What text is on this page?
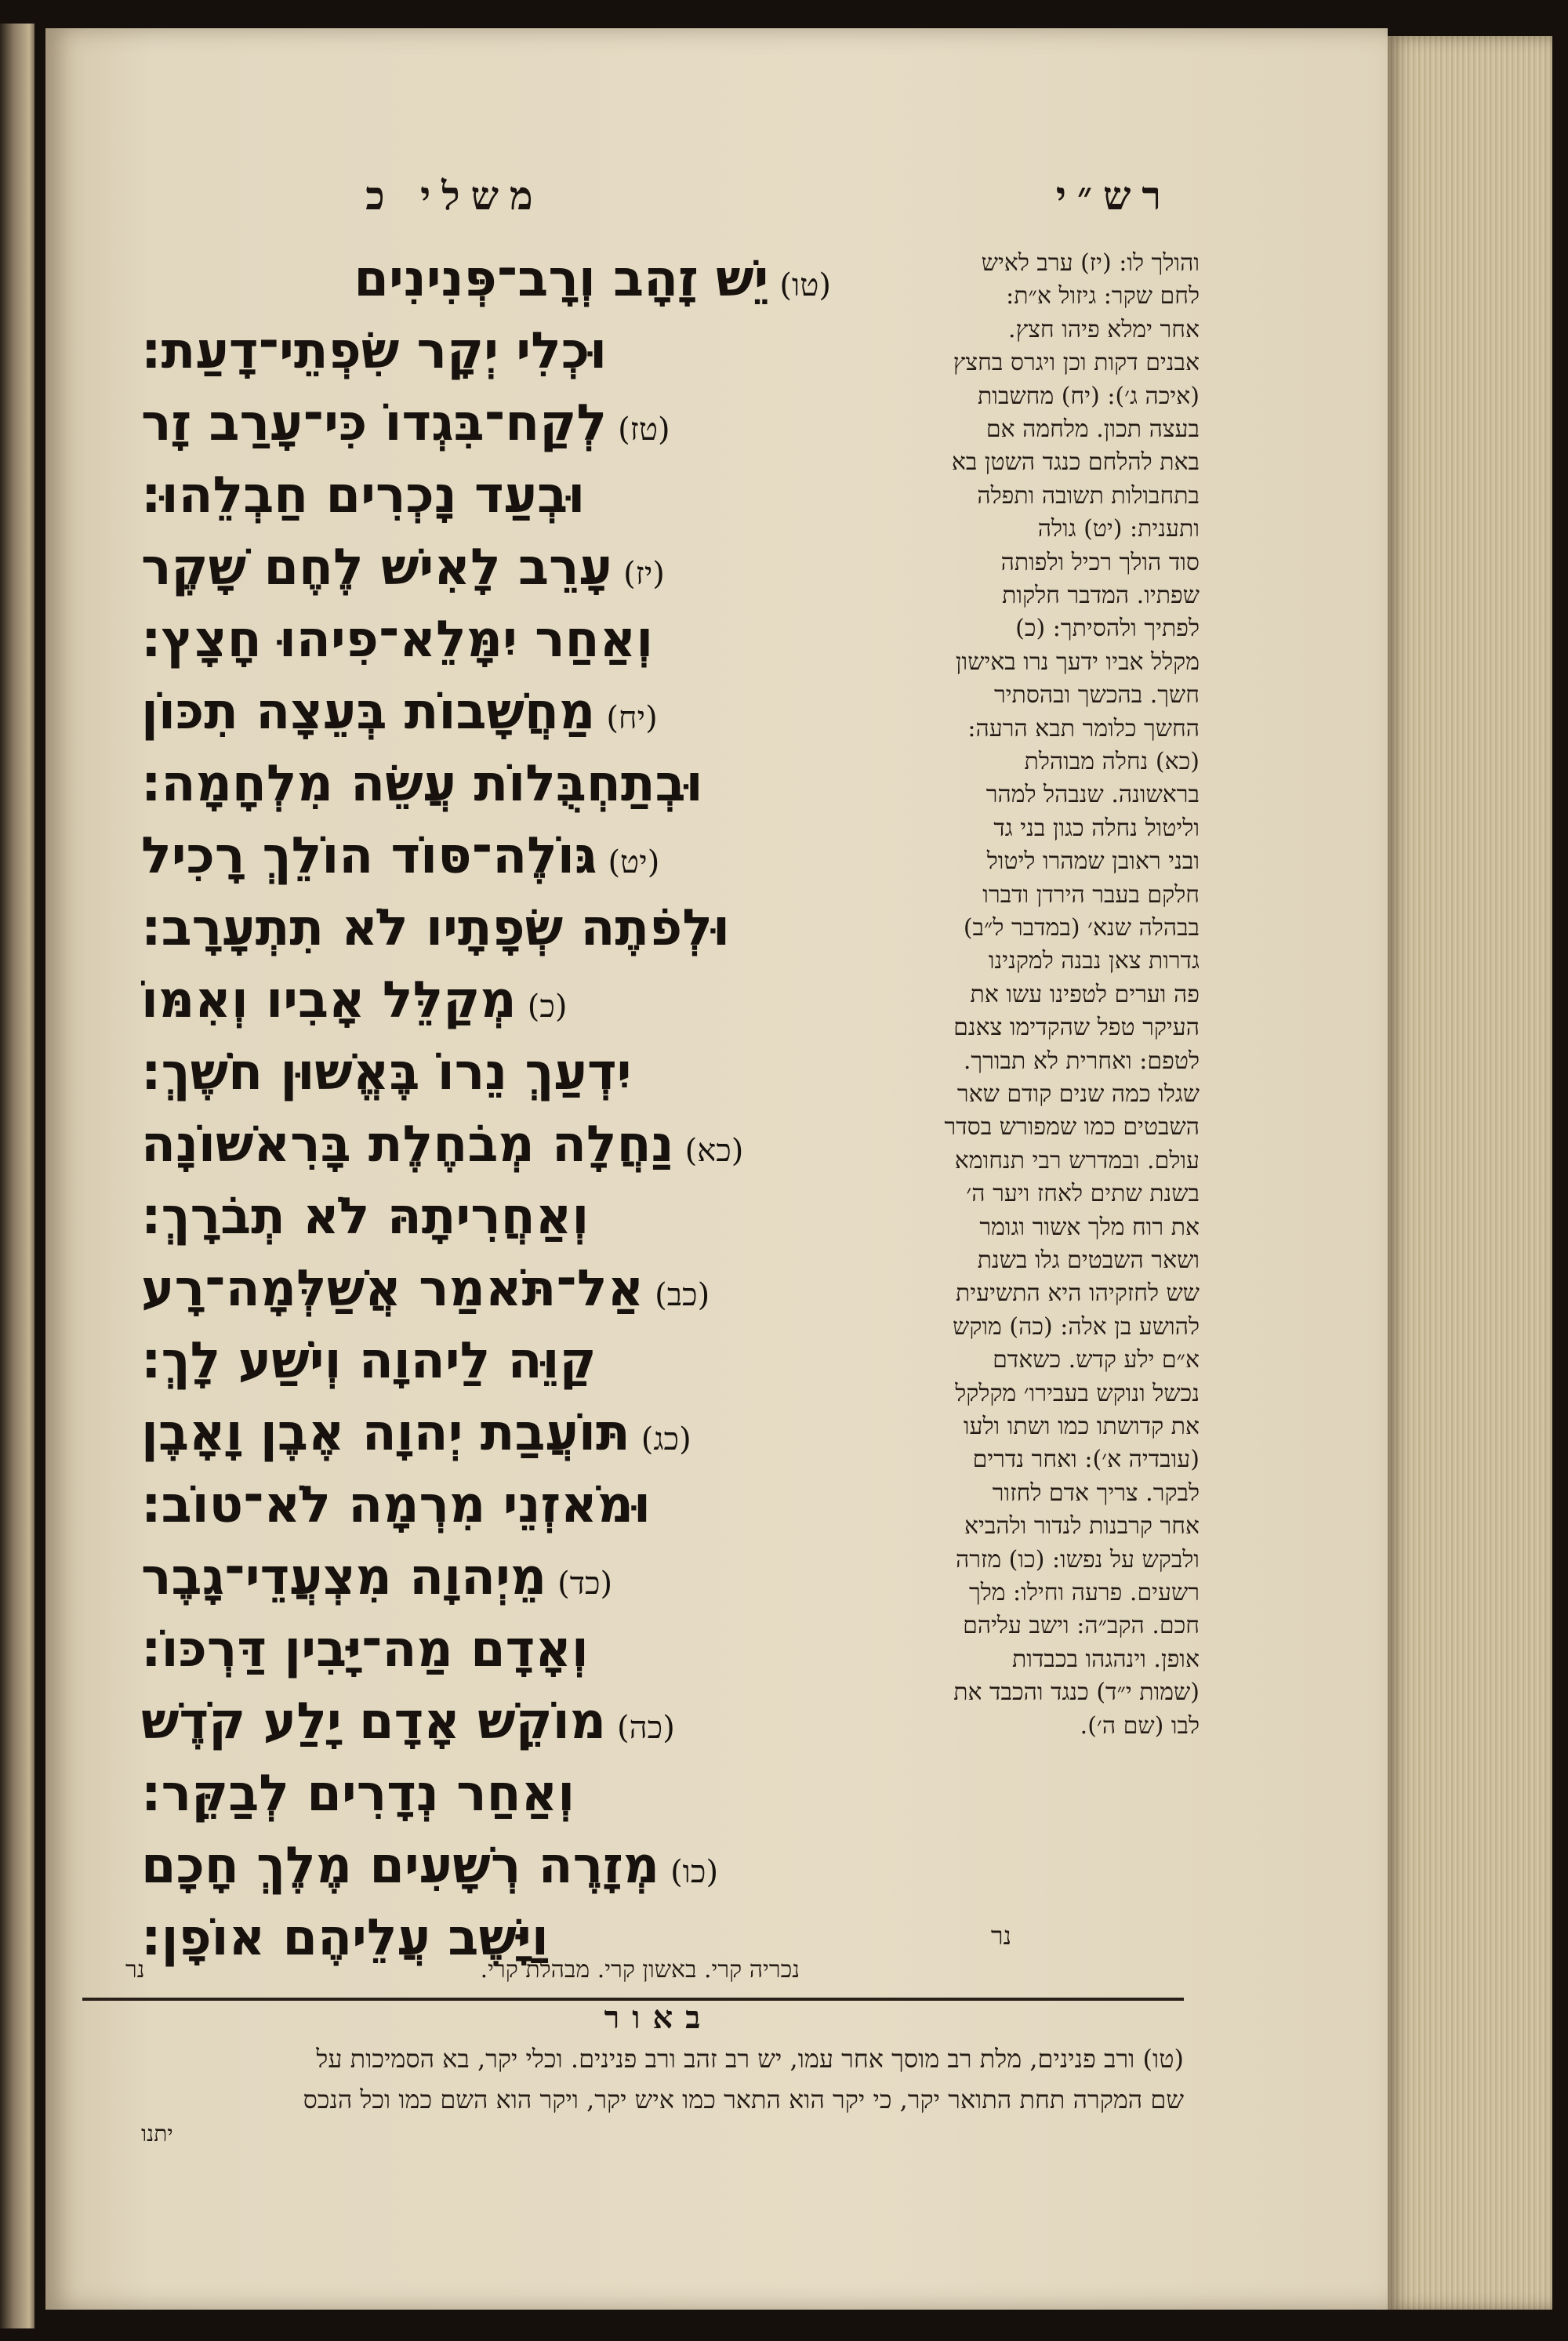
רש״י
משלי כ
(טו)יֵשׁ זָהָב וְרָב־פְּנִינִים
וּכְלִי יְקָר שִׂפְתֵי־דָעַת:
(טז)לְקַח־בִּגְדוֹ כִּי־עָרַב זָר
וּבְעַד נָכְרִים חַבְלֵהוּ:
(יז)עָרֵב לָאִישׁ לֶחֶם שָׁקֶר
וְאַחַר יִמָּלֵא־פִיהוּ חָצָץ:
(יח)מַחֲשָׁבוֹת בְּעֵצָה תִכּוֹן
וּבְתַחְבֻּלוֹת עֲשֵׂה מִלְחָמָה:
(יט)גּוֹלֶה־סּוֹד הוֹלֵךְ רָכִיל
וּלְפֹתֶה שְׂפָתָיו לֹא תִתְעָרָב:
(כ)מְקַלֵּל אָבִיו וְאִמּוֹ
יִדְעַךְ נֵרוֹ בֶּאֱשׁוּן חֹשֶׁךְ:
(כא)נַחֲלָה מְבֹחֶלֶת בָּרִאשׁוֹנָה
וְאַחֲרִיתָהּ לֹא תְבֹרָךְ:
(כב)אַל־תֹּאמַר אֲשַׁלְּמָה־רָע
קַוֵּה לַיהוָה וְיֹשַׁע לָךְ:
(כג)תּוֹעֲבַת יְהוָה אֶבֶן וָאָבֶן
וּמֹאזְנֵי מִרְמָה לֹא־טוֹב:
(כד)מֵיְהוָה מִצְעֲדֵי־גָבֶר
וְאָדָם מַה־יָּבִין דַּרְכּוֹ:
(כה)מוֹקֵשׁ אָדָם יָלַע קֹדֶשׁ
וְאַחַר נְדָרִים לְבַקֵּר:
(כו)מְזָרֶה רְשָׁעִים מֶלֶךְ חָכָם
וַיָּשֶׁב עֲלֵיהֶם אוֹפָן:
והולך לו: (יז) ערב לאיש
לחם שקר: גיזול א״ת:
אחר ימלא פיהו חצץ.
אבנים דקות וכן ויגרס בחצץ
(איכה ג׳): (יח) מחשבות
בעצה תכון. מלחמה אם
באת להלחם כנגד השטן בא
בתחבולות תשובה ותפלה
ותענית: (יט) גולה
סוד הולך רכיל ולפותה
שפתיו. המדבר חלקות
לפתיך ולהסיתך: (כ)
מקלל אביו ידעך נרו באישון
חשך. בהכשך ובהסתיר
החשך כלומר תבא הרעה:
(כא) נחלה מבוהלת
בראשונה. שנבהל למהר
וליטול נחלה כגון בני גד
ובני ראובן שמהרו ליטול
חלקם בעבר הירדן ודברו
בבהלה שנא׳ (במדבר ל״ב)
גדרות צאן נבנה למקנינו
פה וערים לטפינו עשו את
העיקר טפל שהקדימו צאנם
לטפם: ואחרית לא תבורך.
שגלו כמה שנים קודם שאר
השבטים כמו שמפורש בסדר
עולם. ובמדרש רבי תנחומא
בשנת שתים לאחז ויער ה׳
את רוח מלך אשור וגומר
ושאר השבטים גלו בשנת
שש לחזקיהו היא התשיעית
להושע בן אלה: (כה) מוקש
א״ם ילע קדש. כשאדם
נכשל ונוקש בעבירו׳ מקלקל
את קדושתו כמו ושתו ולעו
(עובדיה א׳): ואחר נדרים
לבקר. צריך אדם לחזור
אחר קרבנות לנדור ולהביא
ולבקש על נפשו: (כו) מזרה
רשעים. פרעה וחילו: מלך
חכם. הקב״ה: וישב עליהם
אופן. וינהגהו בכבדות
(שמות י״ד) כנגד והכבד את
לבו (שם ה׳).
נר
נכריה קרי. באשון קרי. מבהלת קרי.
נר
באור
(טו) ורב פנינים, מלת רב מוסך אחר עמו, יש רב זהב ורב פנינים. וכלי יקר, בא הסמיכות על
שם המקרה תחת התואר יקר, כי יקר הוא התאר כמו איש יקר, ויקר הוא השם כמו וכל הנכס
יתנו
